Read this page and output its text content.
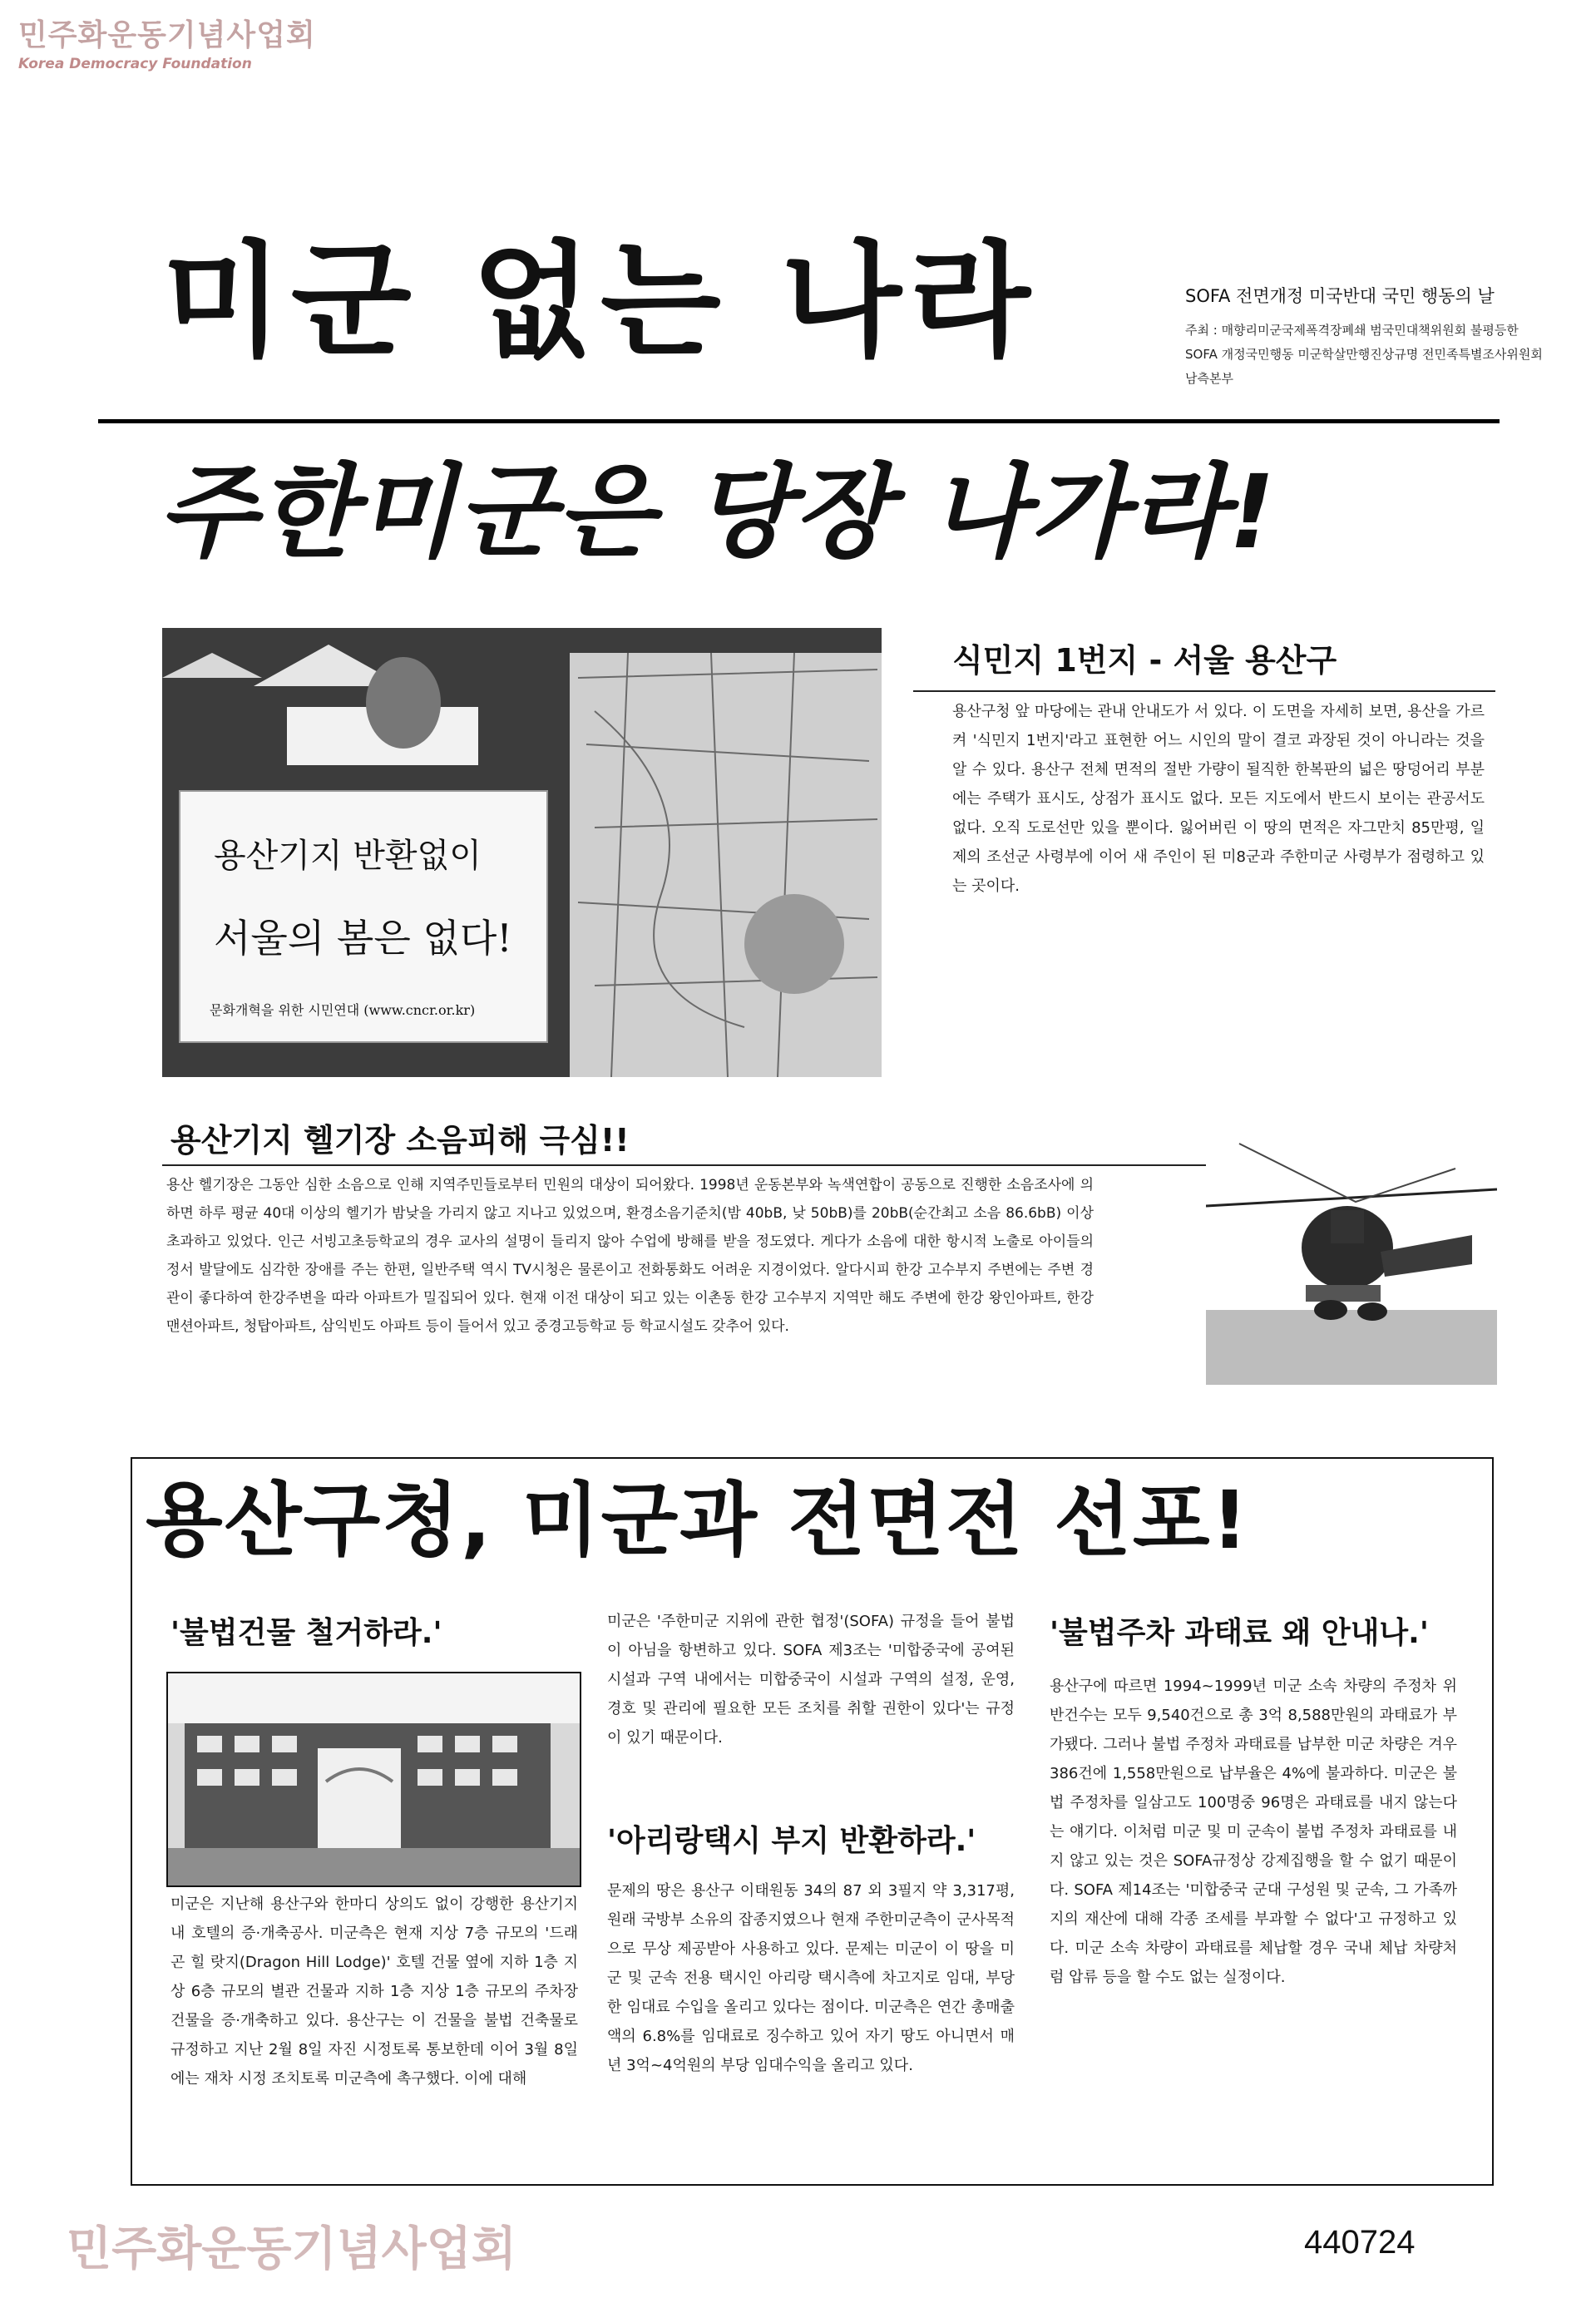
민주화운동기념사업회
Korea Democracy Foundation
미군 없는 나라	SOFA 전면개정 미국반대 국민 행동의 날
주최 : 매향리미군국제폭격장폐쇄 범국민대책위원회 불평등한 SOFA 개정국민행동 미군학살만행진상규명 전민족특별조사위원회 남측본부
주한미군은 당장 나가라!
용산기지 반환없이
서울의 봄은 없다!
문화개혁을 위한 시민연대 (www.cncr.or.kr)
식민지 1번지 - 서울 용산구
용산구청 앞 마당에는 관내 안내도가 서 있다. 이 도면을 자세히 보면, 용산을 가르켜 '식민지 1번지'라고 표현한 어느 시인의 말이 결코 과장된 것이 아니라는 것을 알 수 있다. 용산구 전체 면적의 절반 가량이 될직한 한복판의 넓은 땅덩어리 부분에는 주택가 표시도, 상점가 표시도 없다. 모든 지도에서 반드시 보이는 관공서도 없다. 오직 도로선만 있을 뿐이다. 잃어버린 이 땅의 면적은 자그만치 85만평, 일제의 조선군 사령부에 이어 새 주인이 된 미8군과 주한미군 사령부가 점령하고 있는 곳이다.
용산기지 헬기장 소음피해 극심!!
용산 헬기장은 그동안 심한 소음으로 인해 지역주민들로부터 민원의 대상이 되어왔다. 1998년 운동본부와 녹색연합이 공동으로 진행한 소음조사에 의하면 하루 평균 40대 이상의 헬기가 밤낮을 가리지 않고 지나고 있었으며, 환경소음기준치(밤 40bB, 낮 50bB)를 20bB(순간최고 소음 86.6bB) 이상 초과하고 있었다. 인근 서빙고초등학교의 경우 교사의 설명이 들리지 않아 수업에 방해를 받을 정도였다. 게다가 소음에 대한 항시적 노출로 아이들의 정서 발달에도 심각한 장애를 주는 한편, 일반주택 역시 TV시청은 물론이고 전화통화도 어려운 지경이었다. 알다시피 한강 고수부지 주변에는 주변 경관이 좋다하여 한강주변을 따라 아파트가 밀집되어 있다. 현재 이전 대상이 되고 있는 이촌동 한강 고수부지 지역만 해도 주변에 한강 왕인아파트, 한강 맨션아파트, 청탑아파트, 삼익빈도 아파트 등이 들어서 있고 중경고등학교 등 학교시설도 갖추어 있다.
용산구청, 미군과 전면전 선포!
'불법건물 철거하라.'
미군은 지난해 용산구와 한마디 상의도 없이 강행한 용산기지내 호텔의 증·개축공사. 미군측은 현재 지상 7층 규모의 '드래곤 힐 랏지(Dragon Hill Lodge)' 호텔 건물 옆에 지하 1층 지상 6층 규모의 별관 건물과 지하 1층 지상 1층 규모의 주차장 건물을 증·개축하고 있다. 용산구는 이 건물을 불법 건축물로 규정하고 지난 2월 8일 자진 시정토록 통보한데 이어 3월 8일에는 재차 시정 조치토록 미군측에 촉구했다. 이에 대해
미군은 '주한미군 지위에 관한 협정'(SOFA) 규정을 들어 불법이 아님을 항변하고 있다. SOFA 제3조는 '미합중국에 공여된 시설과 구역 내에서는 미합중국이 시설과 구역의 설정, 운영, 경호 및 관리에 필요한 모든 조치를 취할 권한이 있다'는 규정이 있기 때문이다.
'아리랑택시 부지 반환하라.'
문제의 땅은 용산구 이태원동 34의 87 외 3필지 약 3,317평, 원래 국방부 소유의 잡종지였으나 현재 주한미군측이 군사목적으로 무상 제공받아 사용하고 있다. 문제는 미군이 이 땅을 미군 및 군속 전용 택시인 아리랑 택시측에 차고지로 임대, 부당한 임대료 수입을 올리고 있다는 점이다. 미군측은 연간 총매출액의 6.8%를 임대료로 징수하고 있어 자기 땅도 아니면서 매년 3억~4억원의 부당 임대수익을 올리고 있다.
'불법주차 과태료 왜 안내나.'
용산구에 따르면 1994~1999년 미군 소속 차량의 주정차 위반건수는 모두 9,540건으로 총 3억 8,588만원의 과태료가 부가됐다. 그러나 불법 주정차 과태료를 납부한 미군 차량은 겨우 386건에 1,558만원으로 납부율은 4%에 불과하다. 미군은 불법 주정차를 일삼고도 100명중 96명은 과태료를 내지 않는다는 얘기다. 이처럼 미군 및 미 군속이 불법 주정차 과태료를 내지 않고 있는 것은 SOFA규정상 강제집행을 할 수 없기 때문이다. SOFA 제14조는 '미합중국 군대 구성원 및 군속, 그 가족까지의 재산에 대해 각종 조세를 부과할 수 없다'고 규정하고 있다. 미군 소속 차량이 과태료를 체납할 경우 국내 체납 차량처럼 압류 등을 할 수도 없는 실정이다.
민주화운동기념사업회	440724
